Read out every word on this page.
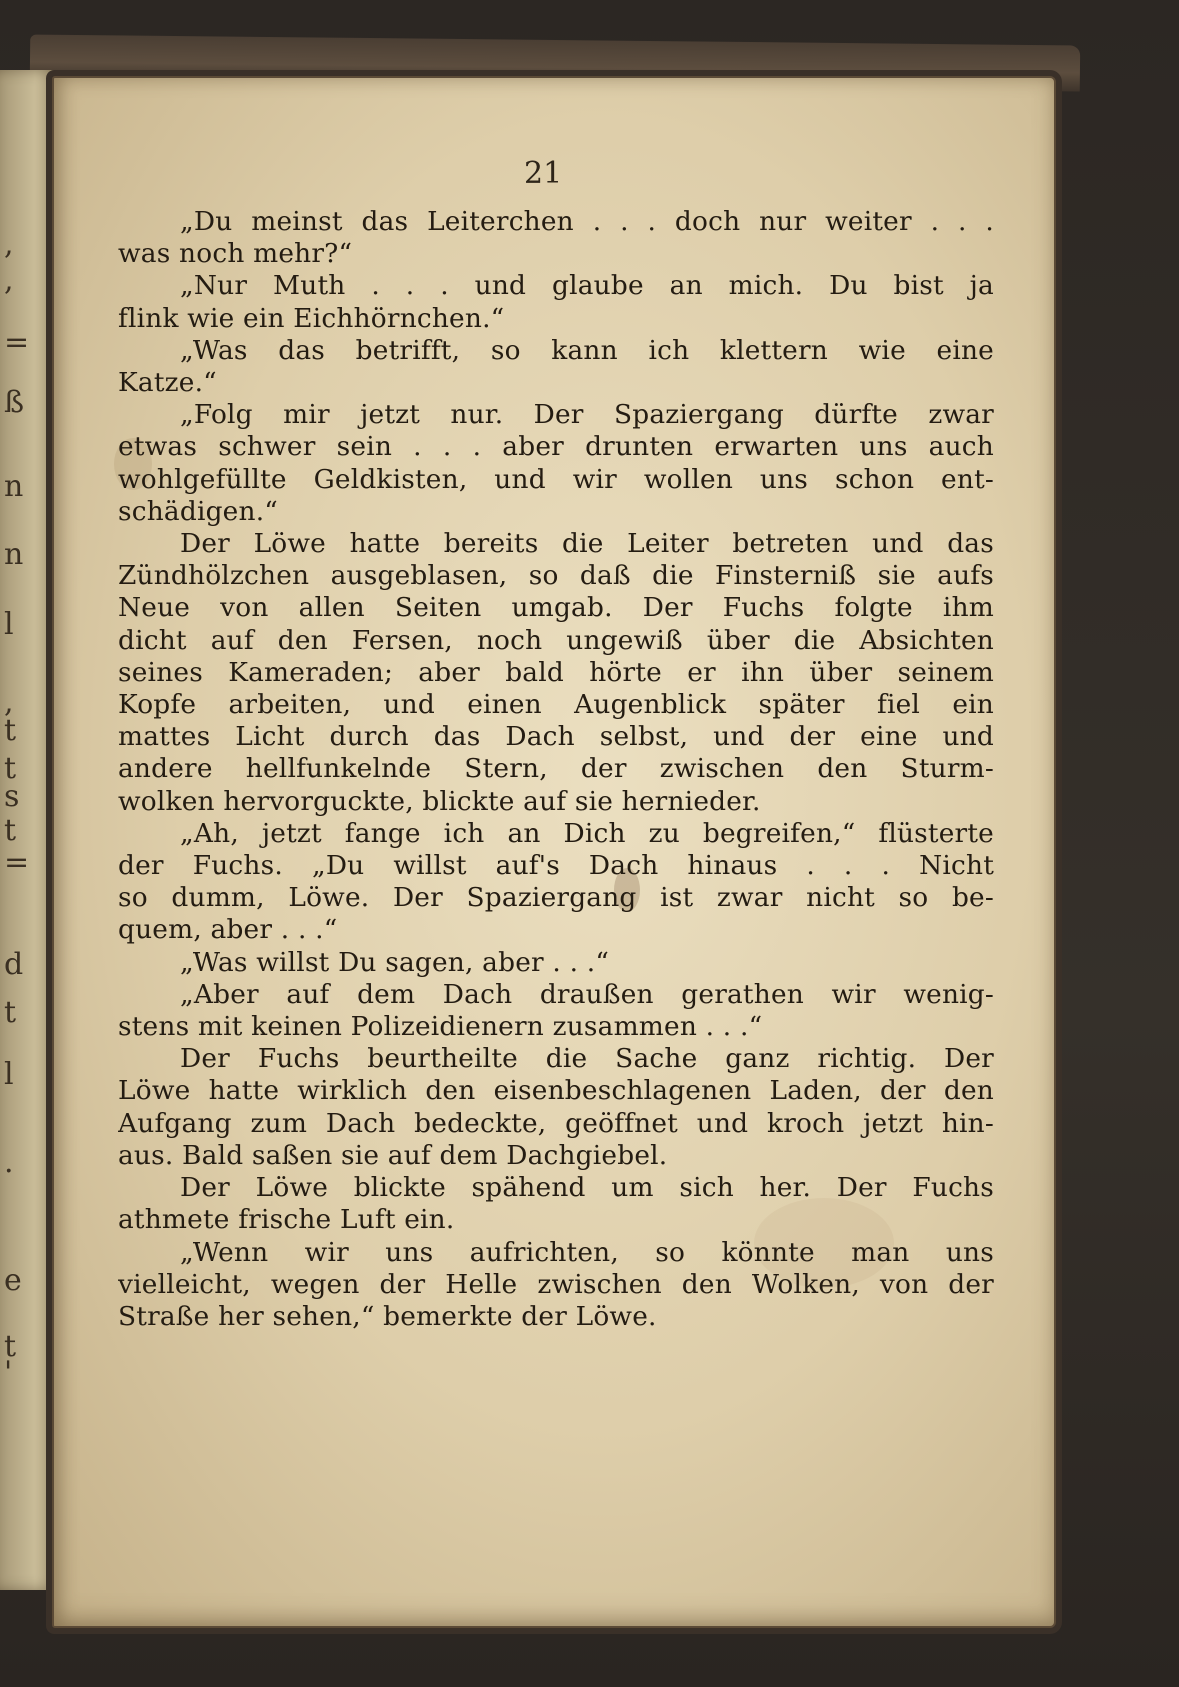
,
,
=
ß
n
n
l
,
t
t
s
t
=
d
t
l
.
e
t
'
21
„Du meinst das Leiterchen . . . doch nur weiter . . .
was noch mehr?“
„Nur Muth . . . und glaube an mich. Du bist ja
flink wie ein Eichhörnchen.“
„Was das betrifft, so kann ich klettern wie eine
Katze.“
„Folg mir jetzt nur. Der Spaziergang dürfte zwar
etwas schwer sein . . . aber drunten erwarten uns auch
wohlgefüllte Geldkisten, und wir wollen uns schon ent-
schädigen.“
Der Löwe hatte bereits die Leiter betreten und das
Zündhölzchen ausgeblasen, so daß die Finsterniß sie aufs
Neue von allen Seiten umgab. Der Fuchs folgte ihm
dicht auf den Fersen, noch ungewiß über die Absichten
seines Kameraden; aber bald hörte er ihn über seinem
Kopfe arbeiten, und einen Augenblick später fiel ein
mattes Licht durch das Dach selbst, und der eine und
andere hellfunkelnde Stern, der zwischen den Sturm-
wolken hervorguckte, blickte auf sie hernieder.
„Ah, jetzt fange ich an Dich zu begreifen,“ flüsterte
der Fuchs. „Du willst auf's Dach hinaus . . . Nicht
so dumm, Löwe. Der Spaziergang ist zwar nicht so be-
quem, aber . . .“
„Was willst Du sagen, aber . . .“
„Aber auf dem Dach draußen gerathen wir wenig-
stens mit keinen Polizeidienern zusammen . . .“
Der Fuchs beurtheilte die Sache ganz richtig. Der
Löwe hatte wirklich den eisenbeschlagenen Laden, der den
Aufgang zum Dach bedeckte, geöffnet und kroch jetzt hin-
aus. Bald saßen sie auf dem Dachgiebel.
Der Löwe blickte spähend um sich her. Der Fuchs
athmete frische Luft ein.
„Wenn wir uns aufrichten, so könnte man uns
vielleicht, wegen der Helle zwischen den Wolken, von der
Straße her sehen,“ bemerkte der Löwe.
